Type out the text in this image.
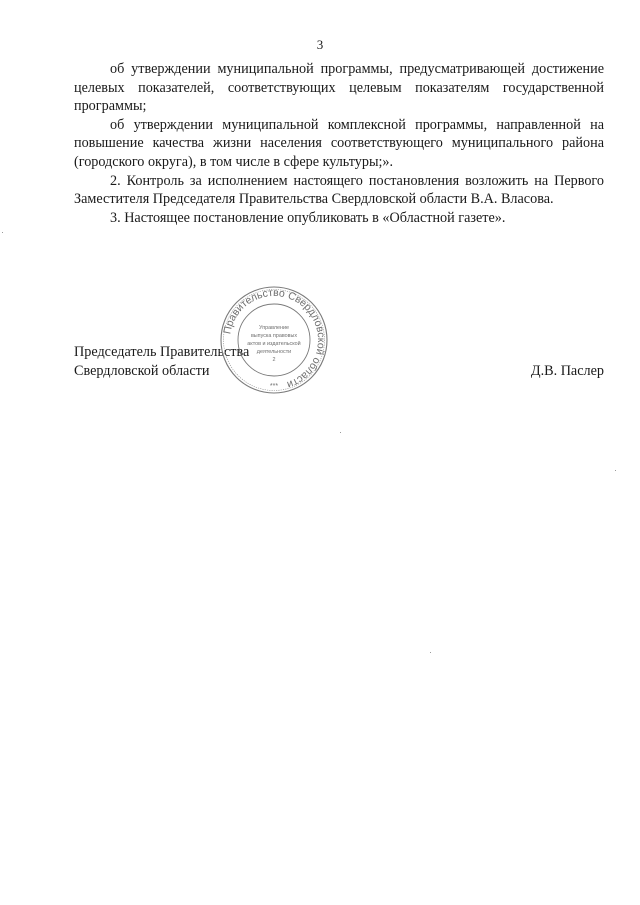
3

об утверждении муниципальной программы, предусматривающей достижение целевых показателей, соответствующих целевым показателям государственной программы;

об утверждении муниципальной комплексной программы, направленной на повышение качества жизни населения соответствующего муниципального района (городского округа), в том числе в сфере культуры;».

2. Контроль за исполнением настоящего постановления возложить на Первого Заместителя Председателя Правительства Свердловской области В.А. Власова.

3. Настоящее постановление опубликовать в «Областной газете».

Председатель Правительства
Свердловской области	Д.В. Паслер
Правительство Свердловской области
Управление
выпуска правовых
актов и издательской
деятельности
2
***
